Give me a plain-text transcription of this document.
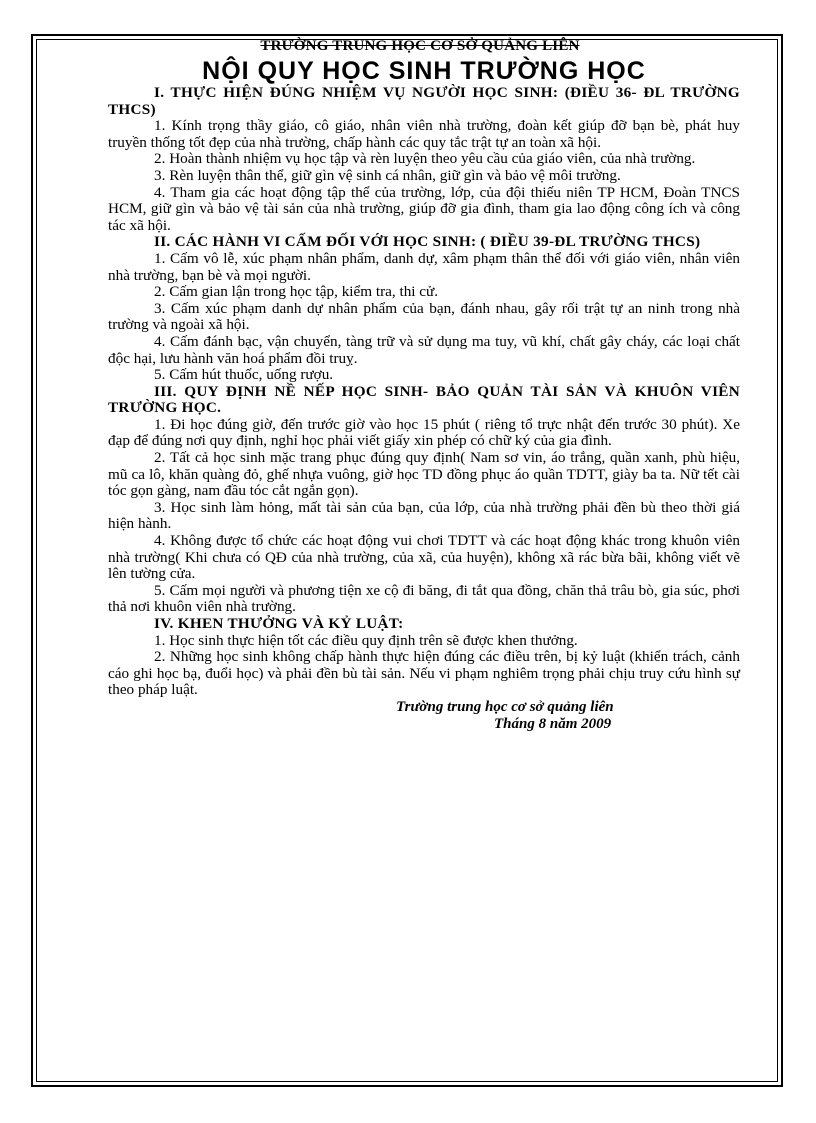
TRƯỜNG TRUNG HỌC CƠ SỞ QUẢNG LIÊN
NỘI QUY HỌC SINH TRƯỜNG HỌC
I. THỰC HIỆN ĐÚNG NHIỆM VỤ NGƯỜI HỌC SINH: (ĐIỀU 36- ĐL TRƯỜNG THCS)

1. Kính trọng thầy giáo, cô giáo, nhân viên nhà trường, đoàn kết giúp đỡ bạn bè, phát huy truyền thống tốt đẹp của nhà trường, chấp hành các quy tắc trật tự an toàn xã hội.

2. Hoàn thành nhiệm vụ học tập và rèn luyện theo yêu cầu của giáo viên, của nhà trường.

3. Rèn luyện thân thể, giữ gìn vệ sinh cá nhân, giữ gìn và bảo vệ môi trường.

4. Tham gia các hoạt động tập thể của trường, lớp, của đội thiếu niên TP HCM, Đoàn TNCS HCM, giữ gìn và bảo vệ tài sản của nhà trường, giúp đỡ gia đình, tham gia lao động công ích và công tác xã hội.

II. CÁC HÀNH VI CẤM ĐỐI VỚI HỌC SINH: ( ĐIỀU 39-ĐL TRƯỜNG THCS)

1. Cấm vô lễ, xúc phạm nhân phẩm, danh dự, xâm phạm thân thể đối với giáo viên, nhân viên nhà trường, bạn bè và mọi người.

2. Cấm gian lận trong học tập, kiểm tra, thi cử.

3. Cấm xúc phạm danh dự nhân phẩm của bạn, đánh nhau, gây rối trật tự an ninh trong nhà trường và ngoài xã hội.

4. Cấm đánh bạc, vận chuyển, tàng trữ và sử dụng ma tuy, vũ khí, chất gây cháy, các loại chất độc hại, lưu hành văn hoá phẩm đồi truỵ.

5. Cấm hút thuốc, uống rượu.

III. QUY ĐỊNH NỀ NẾP HỌC SINH- BẢO QUẢN TÀI SẢN VÀ KHUÔN VIÊN TRƯỜNG HỌC.

1. Đi học đúng giờ, đến trước giờ vào học 15 phút ( riêng tổ trực nhật đến trước 30 phút). Xe đạp để đúng nơi quy định, nghỉ học phải viết giấy xin phép có chữ ký của gia đình.

2. Tất cả học sinh mặc trang phục đúng quy định( Nam sơ vin, áo trắng, quần xanh, phù hiệu, mũ ca lô, khăn quàng đỏ, ghế nhựa vuông, giờ học TD đồng phục áo quần TDTT, giày ba ta. Nữ tết cài tóc gọn gàng, nam đầu tóc cắt ngắn gọn).

3. Học sinh làm hỏng, mất tài sản của bạn, của lớp, của nhà trường phải đền bù theo thời giá hiện hành.

4. Không được tổ chức các hoạt động vui chơi TDTT và các hoạt động khác trong khuôn viên nhà trường( Khi chưa có QĐ của nhà trường, của xã, của huyện), không xã rác bừa bãi, không viết vẽ lên tường cửa.

5. Cấm mọi người và phương tiện xe cộ đi băng, đi tắt qua đồng, chăn thả trâu bò, gia súc, phơi thả nơi khuôn viên nhà trường.

IV. KHEN THƯỞNG VÀ KỶ LUẬT:

1. Học sinh thực hiện tốt các điều quy định trên sẽ được khen thưởng.

2. Những học sinh không chấp hành thực hiện đúng các điều trên, bị kỷ luật (khiển trách, cảnh cáo ghi học bạ, đuổi học) và phải đền bù tài sản. Nếu vi phạm nghiêm trọng phải chịu truy cứu hình sự theo pháp luật.

Trường trung học cơ sở quảng liên
Tháng 8 năm 2009
